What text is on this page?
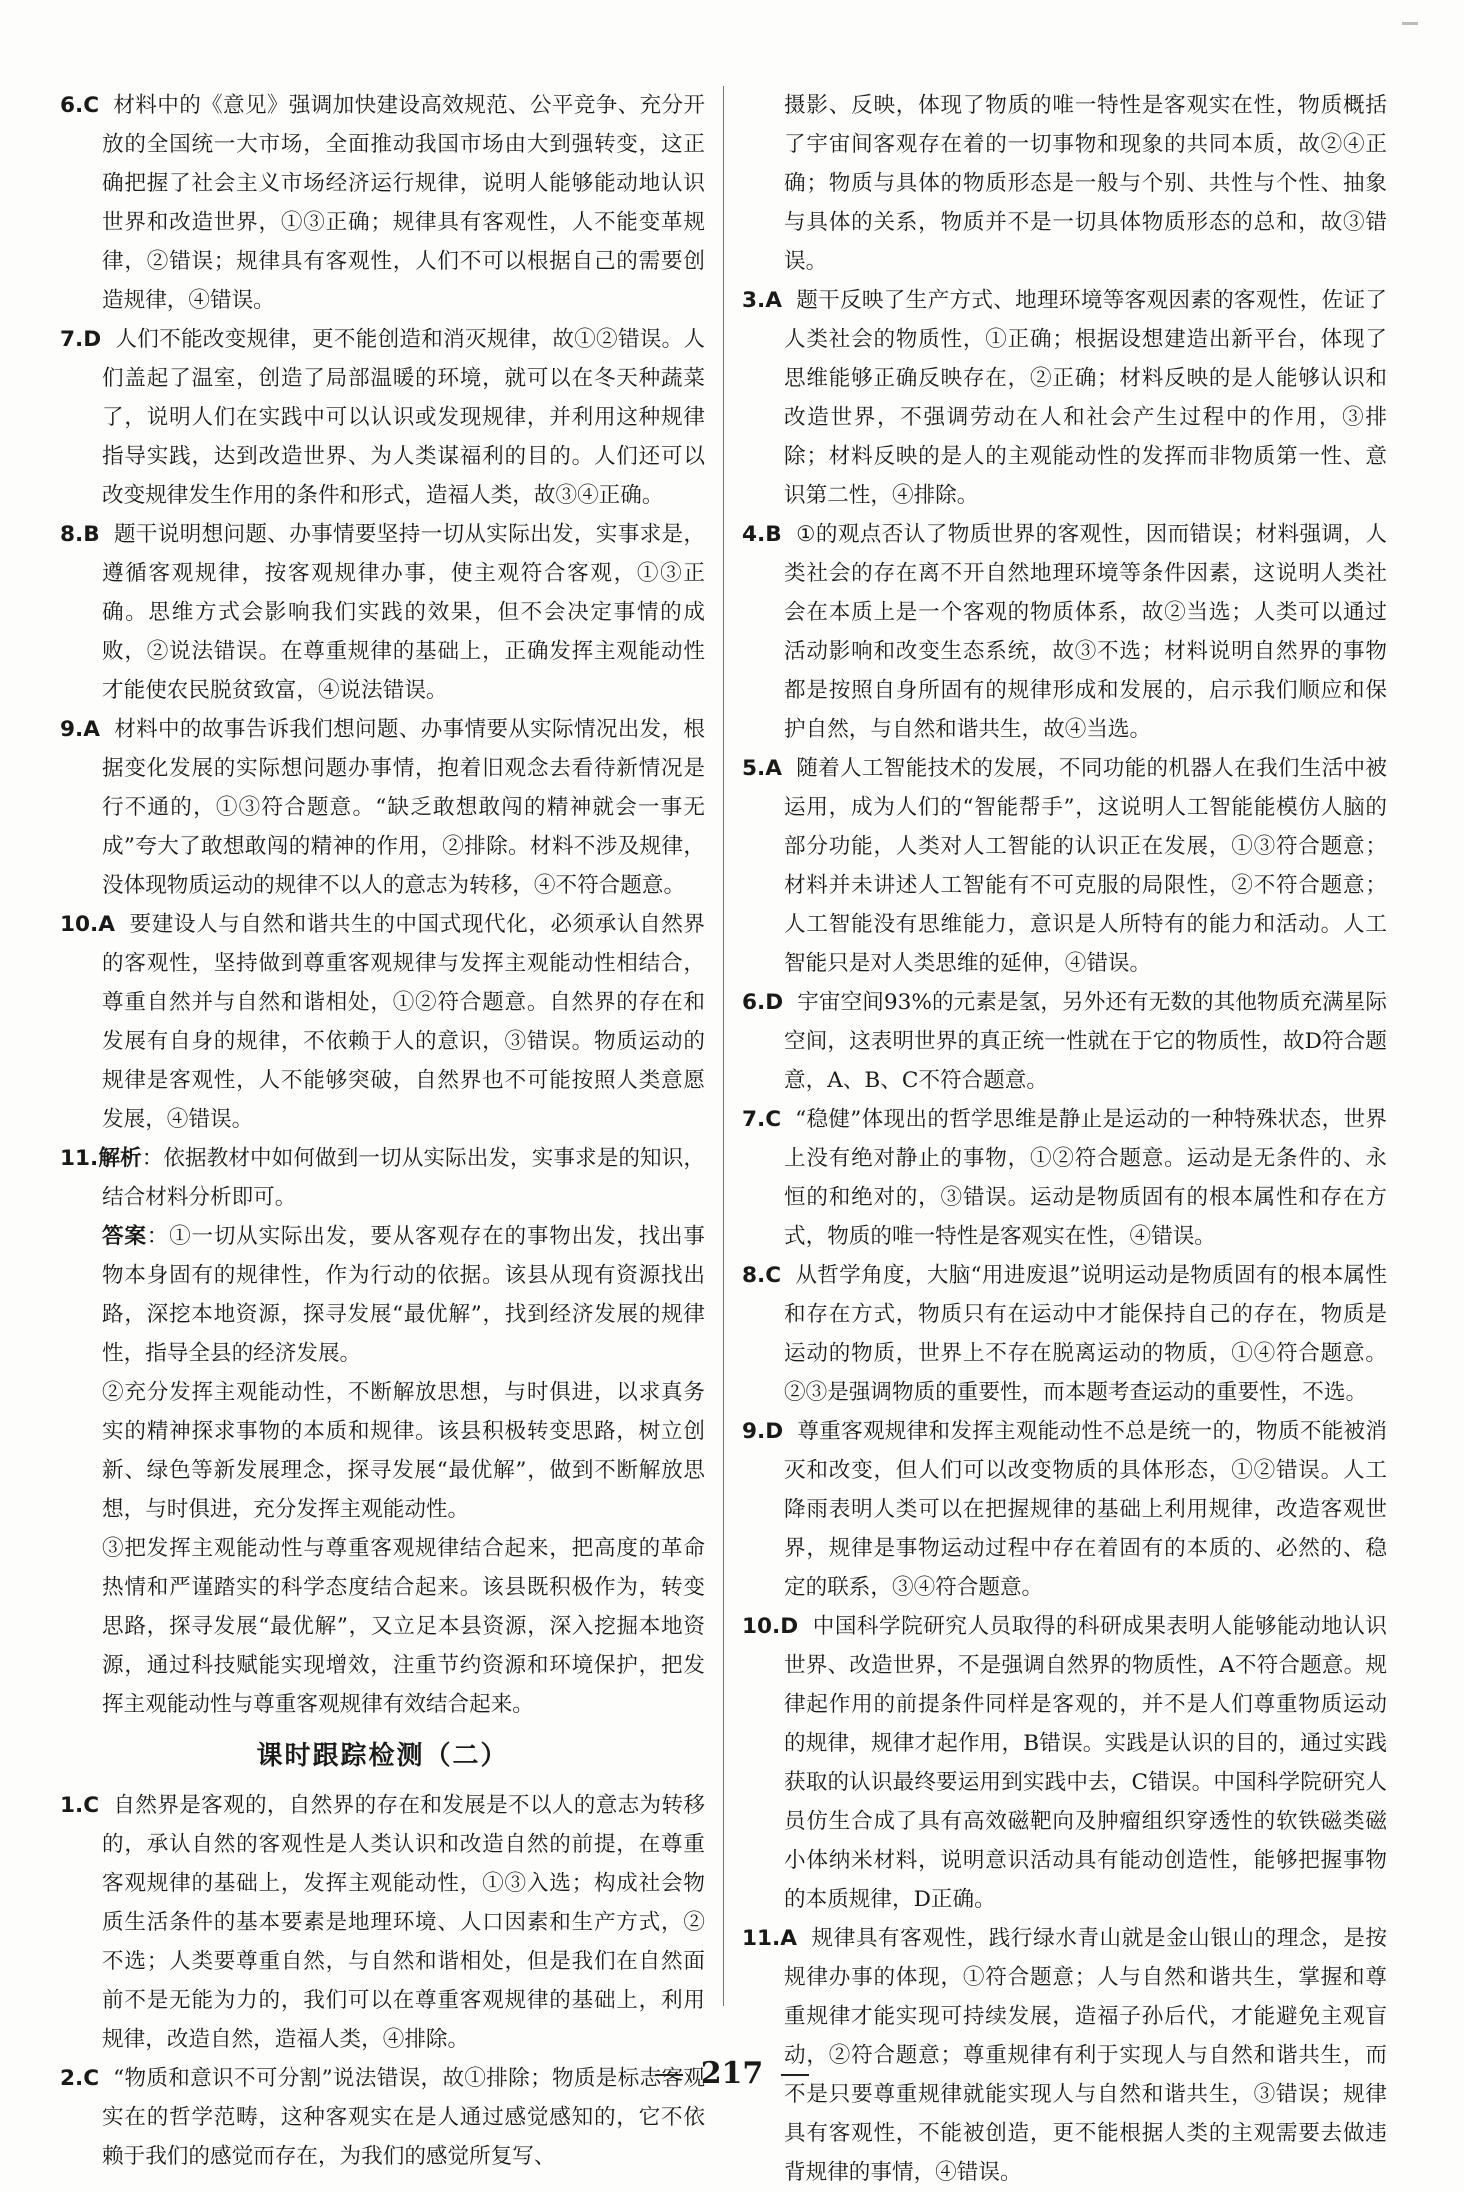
6.C 材料中的《意见》强调加快建设高效规范、公平竞争、充分开放的全国统一大市场，全面推动我国市场由大到强转变，这正确把握了社会主义市场经济运行规律，说明人能够能动地认识世界和改造世界，①③正确；规律具有客观性，人不能变革规律，②错误；规律具有客观性，人们不可以根据自己的需要创造规律，④错误。

7.D 人们不能改变规律，更不能创造和消灭规律，故①②错误。人们盖起了温室，创造了局部温暖的环境，就可以在冬天种蔬菜了，说明人们在实践中可以认识或发现规律，并利用这种规律指导实践，达到改造世界、为人类谋福利的目的。人们还可以改变规律发生作用的条件和形式，造福人类，故③④正确。

8.B 题干说明想问题、办事情要坚持一切从实际出发，实事求是，遵循客观规律，按客观规律办事，使主观符合客观，①③正确。思维方式会影响我们实践的效果，但不会决定事情的成败，②说法错误。在尊重规律的基础上，正确发挥主观能动性才能使农民脱贫致富，④说法错误。

9.A 材料中的故事告诉我们想问题、办事情要从实际情况出发，根据变化发展的实际想问题办事情，抱着旧观念去看待新情况是行不通的，①③符合题意。“缺乏敢想敢闯的精神就会一事无成”夸大了敢想敢闯的精神的作用，②排除。材料不涉及规律，没体现物质运动的规律不以人的意志为转移，④不符合题意。

10.A 要建设人与自然和谐共生的中国式现代化，必须承认自然界的客观性，坚持做到尊重客观规律与发挥主观能动性相结合，尊重自然并与自然和谐相处，①②符合题意。自然界的存在和发展有自身的规律，不依赖于人的意识，③错误。物质运动的规律是客观性，人不能够突破，自然界也不可能按照人类意愿发展，④错误。

11.解析：依据教材中如何做到一切从实际出发，实事求是的知识，结合材料分析即可。

答案：①一切从实际出发，要从客观存在的事物出发，找出事物本身固有的规律性，作为行动的依据。该县从现有资源找出路，深挖本地资源，探寻发展“最优解”，找到经济发展的规律性，指导全县的经济发展。

②充分发挥主观能动性，不断解放思想，与时俱进，以求真务实的精神探求事物的本质和规律。该县积极转变思路，树立创新、绿色等新发展理念，探寻发展“最优解”，做到不断解放思想，与时俱进，充分发挥主观能动性。

③把发挥主观能动性与尊重客观规律结合起来，把高度的革命热情和严谨踏实的科学态度结合起来。该县既积极作为，转变思路，探寻发展“最优解”，又立足本县资源，深入挖掘本地资源，通过科技赋能实现增效，注重节约资源和环境保护，把发挥主观能动性与尊重客观规律有效结合起来。

课时跟踪检测（二）

1.C 自然界是客观的，自然界的存在和发展是不以人的意志为转移的，承认自然的客观性是人类认识和改造自然的前提，在尊重客观规律的基础上，发挥主观能动性，①③入选；构成社会物质生活条件的基本要素是地理环境、人口因素和生产方式，②不选；人类要尊重自然，与自然和谐相处，但是我们在自然面前不是无能为力的，我们可以在尊重客观规律的基础上，利用规律，改造自然，造福人类，④排除。

2.C “物质和意识不可分割”说法错误，故①排除；物质是标志客观实在的哲学范畴，这种客观实在是人通过感觉感知的，它不依赖于我们的感觉而存在，为我们的感觉所复写、

摄影、反映，体现了物质的唯一特性是客观实在性，物质概括了宇宙间客观存在着的一切事物和现象的共同本质，故②④正确；物质与具体的物质形态是一般与个别、共性与个性、抽象与具体的关系，物质并不是一切具体物质形态的总和，故③错误。

3.A 题干反映了生产方式、地理环境等客观因素的客观性，佐证了人类社会的物质性，①正确；根据设想建造出新平台，体现了思维能够正确反映存在，②正确；材料反映的是人能够认识和改造世界，不强调劳动在人和社会产生过程中的作用，③排除；材料反映的是人的主观能动性的发挥而非物质第一性、意识第二性，④排除。

4.B ①的观点否认了物质世界的客观性，因而错误；材料强调，人类社会的存在离不开自然地理环境等条件因素，这说明人类社会在本质上是一个客观的物质体系，故②当选；人类可以通过活动影响和改变生态系统，故③不选；材料说明自然界的事物都是按照自身所固有的规律形成和发展的，启示我们顺应和保护自然，与自然和谐共生，故④当选。

5.A 随着人工智能技术的发展，不同功能的机器人在我们生活中被运用，成为人们的“智能帮手”，这说明人工智能能模仿人脑的部分功能，人类对人工智能的认识正在发展，①③符合题意；材料并未讲述人工智能有不可克服的局限性，②不符合题意；人工智能没有思维能力，意识是人所特有的能力和活动。人工智能只是对人类思维的延伸，④错误。

6.D 宇宙空间93%的元素是氢，另外还有无数的其他物质充满星际空间，这表明世界的真正统一性就在于它的物质性，故D符合题意，A、B、C不符合题意。

7.C “稳健”体现出的哲学思维是静止是运动的一种特殊状态，世界上没有绝对静止的事物，①②符合题意。运动是无条件的、永恒的和绝对的，③错误。运动是物质固有的根本属性和存在方式，物质的唯一特性是客观实在性，④错误。

8.C 从哲学角度，大脑“用进废退”说明运动是物质固有的根本属性和存在方式，物质只有在运动中才能保持自己的存在，物质是运动的物质，世界上不存在脱离运动的物质，①④符合题意。②③是强调物质的重要性，而本题考查运动的重要性，不选。

9.D 尊重客观规律和发挥主观能动性不总是统一的，物质不能被消灭和改变，但人们可以改变物质的具体形态，①②错误。人工降雨表明人类可以在把握规律的基础上利用规律，改造客观世界，规律是事物运动过程中存在着固有的本质的、必然的、稳定的联系，③④符合题意。

10.D 中国科学院研究人员取得的科研成果表明人能够能动地认识世界、改造世界，不是强调自然界的物质性，A不符合题意。规律起作用的前提条件同样是客观的，并不是人们尊重物质运动的规律，规律才起作用，B错误。实践是认识的目的，通过实践获取的认识最终要运用到实践中去，C错误。中国科学院研究人员仿生合成了具有高效磁靶向及肿瘤组织穿透性的软铁磁类磁小体纳米材料，说明意识活动具有能动创造性，能够把握事物的本质规律，D正确。

11.A 规律具有客观性，践行绿水青山就是金山银山的理念，是按规律办事的体现，①符合题意；人与自然和谐共生，掌握和尊重规律才能实现可持续发展，造福子孙后代，才能避免主观盲动，②符合题意；尊重规律有利于实现人与自然和谐共生，而不是只要尊重规律就能实现人与自然和谐共生，③错误；规律具有客观性，不能被创造，更不能根据人类的主观需要去做违背规律的事情，④错误。

217
